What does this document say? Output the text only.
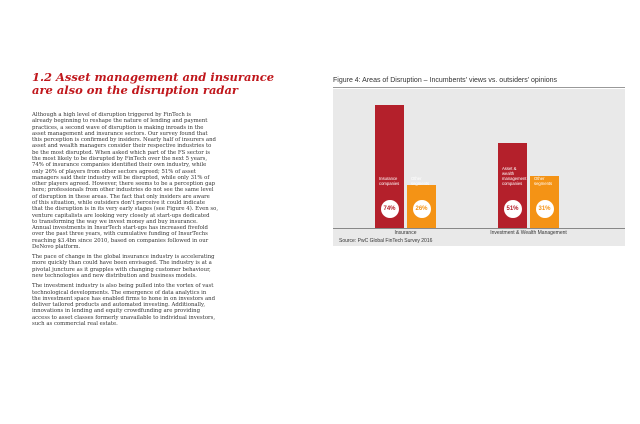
1.2 Asset management and insurance
are also on the disruption radar

Although a high level of disruption triggered by FinTech is
already beginning to reshape the nature of lending and payment
practices, a second wave of disruption is making inroads in the
asset management and insurance sectors. Our survey found that
this perception is confirmed by insiders. Nearly half of insurers and
asset and wealth managers consider their respective industries to
be the most disrupted. When asked which part of the FS sector is
the most likely to be disrupted by FinTech over the next 5 years,
74% of insurance companies identified their own industry, while
only 26% of players from other sectors agreed; 51% of asset
managers said their industry will be disrupted, while only 31% of
other players agreed. However, there seems to be a perception gap
here; professionals from other industries do not see the same level
of disruption in these areas. The fact that only insiders are aware
of this situation, while outsiders don't perceive it could indicate
that the disruption is in its very early stages (see Figure 4). Even so,
venture capitalists are looking very closely at start-ups dedicated
to transforming the way we invest money and buy insurance.
Annual investments in InsurTech start-ups has increased fivefold
over the past three years, with cumulative funding of InsurTechs
reaching $3.4bn since 2010, based on companies followed in our
DeNovo platform.

The pace of change in the global insurance industry is accelerating
more quickly than could have been envisaged. The industry is at a
pivotal juncture as it grapples with changing customer behaviour,
new technologies and new distribution and business models.

The investment industry is also being pulled into the vortex of vast
technological developments. The emergence of data analytics in
the investment space has enabled firms to hone in on investors and
deliver tailored products and automated investing. Additionally,
innovations in lending and equity crowdfunding are providing
access to asset classes formerly unavailable to individual investors,
such as commercial real estate.

Figure 4: Areas of Disruption – Incumbents' views vs. outsiders' opinions
Source: PwC Global FinTech Survey 2016
Insurance
companies
74%
Other
segments
26%
Insurance
Asset &
wealth
management
companies
51%
Other
segments
31%
Investment & Wealth Management
